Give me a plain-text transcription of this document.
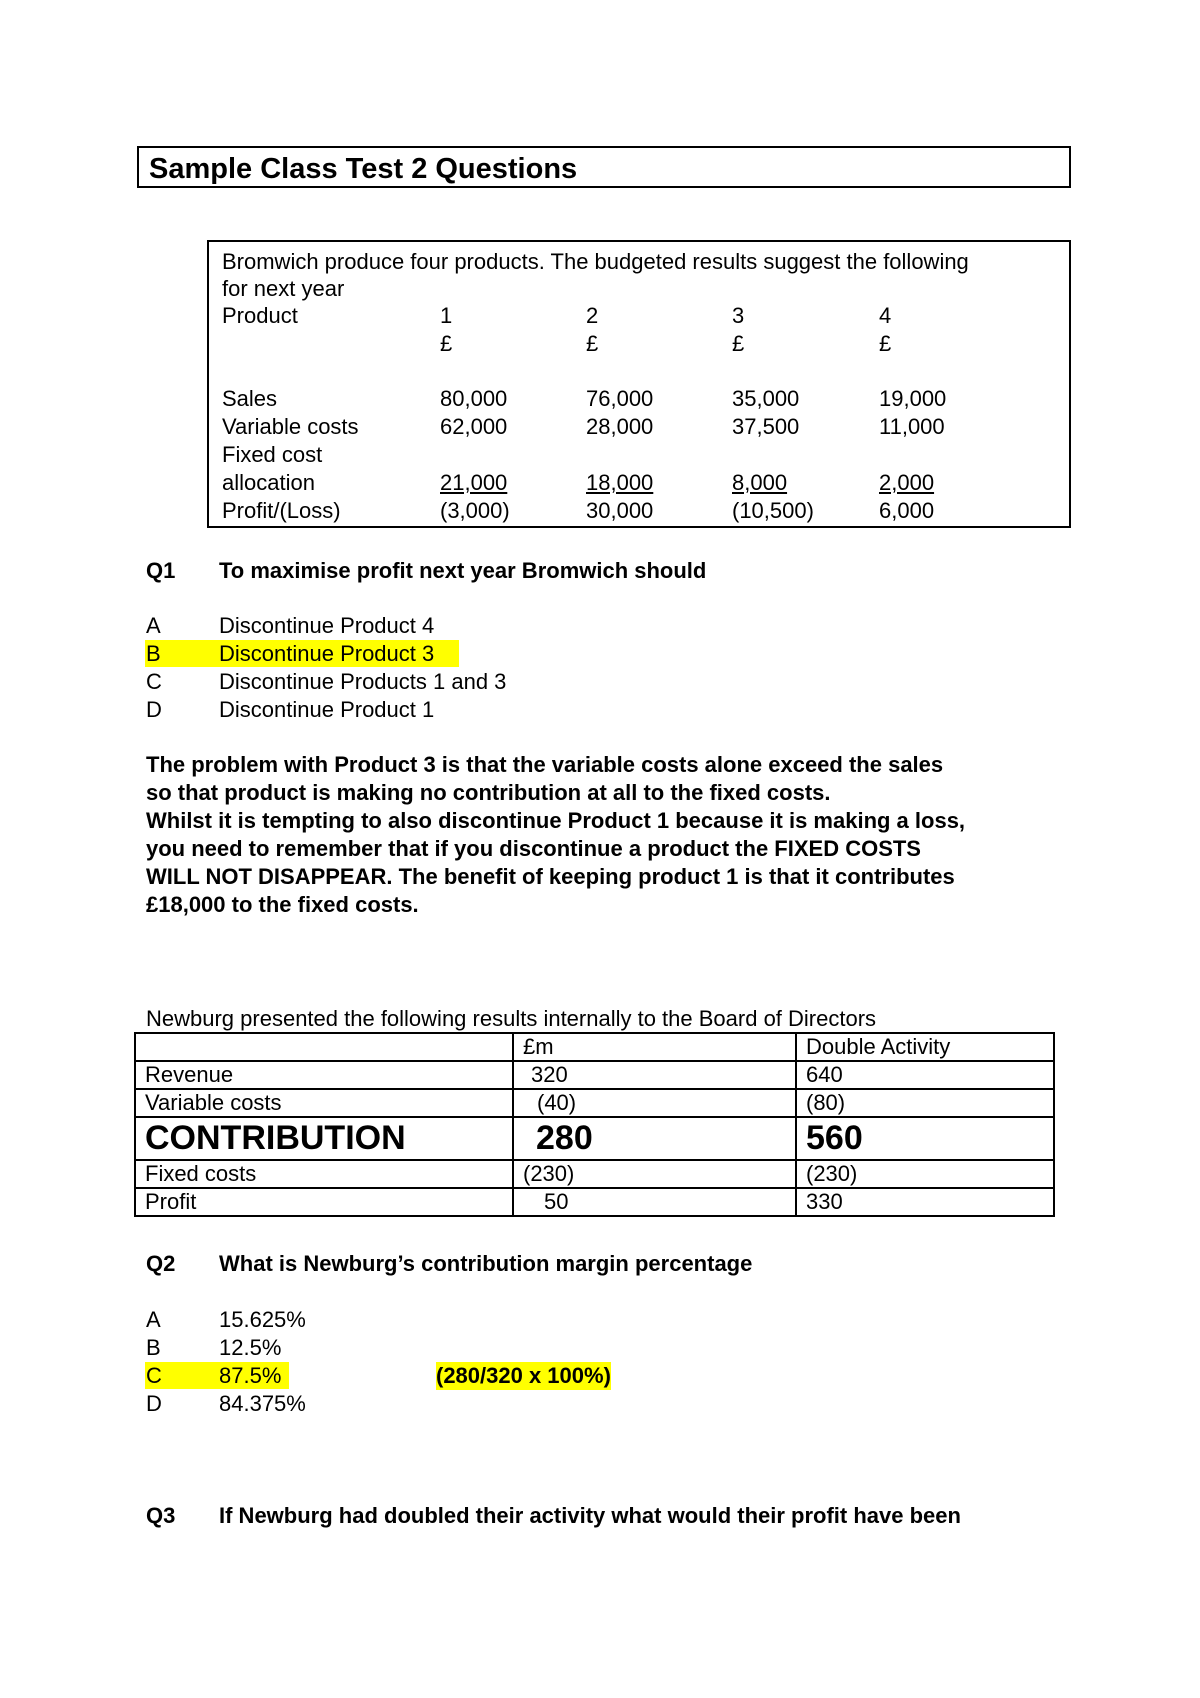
Sample Class Test 2 Questions
Bromwich produce four products. The budgeted results suggest the following
for next year
Product	1	2	3	4
£	£	£	£
Sales	80,000	76,000	35,000	19,000
Variable costs	62,000	28,000	37,500	11,000
Fixed cost
allocation	21,000	18,000	8,000	2,000
Profit/(Loss)	(3,000)	30,000	(10,500)	6,000
Q1 To maximise profit next year Bromwich should
A	Discontinue Product 4
B	Discontinue Product 3
C	Discontinue Products 1 and 3
D	Discontinue Product 1
The problem with Product 3 is that the variable costs alone exceed the sales
so that product is making no contribution at all to the fixed costs.
Whilst it is tempting to also discontinue Product 1 because it is making a loss,
you need to remember that if you discontinue a product the FIXED COSTS
WILL NOT DISAPPEAR. The benefit of keeping product 1 is that it contributes
£18,000 to the fixed costs.
Newburg presented the following results internally to the Board of Directors
	£m	Double Activity
Revenue	320	640
Variable costs	(40)	(80)
CONTRIBUTION	280	560
Fixed costs	(230)	(230)
Profit	50	330
Q2 What is Newburg’s contribution margin percentage
A	15.625%
B	12.5%
C	87.5%	(280/320 x 100%)
D	84.375%
Q3 If Newburg had doubled their activity what would their profit have been
